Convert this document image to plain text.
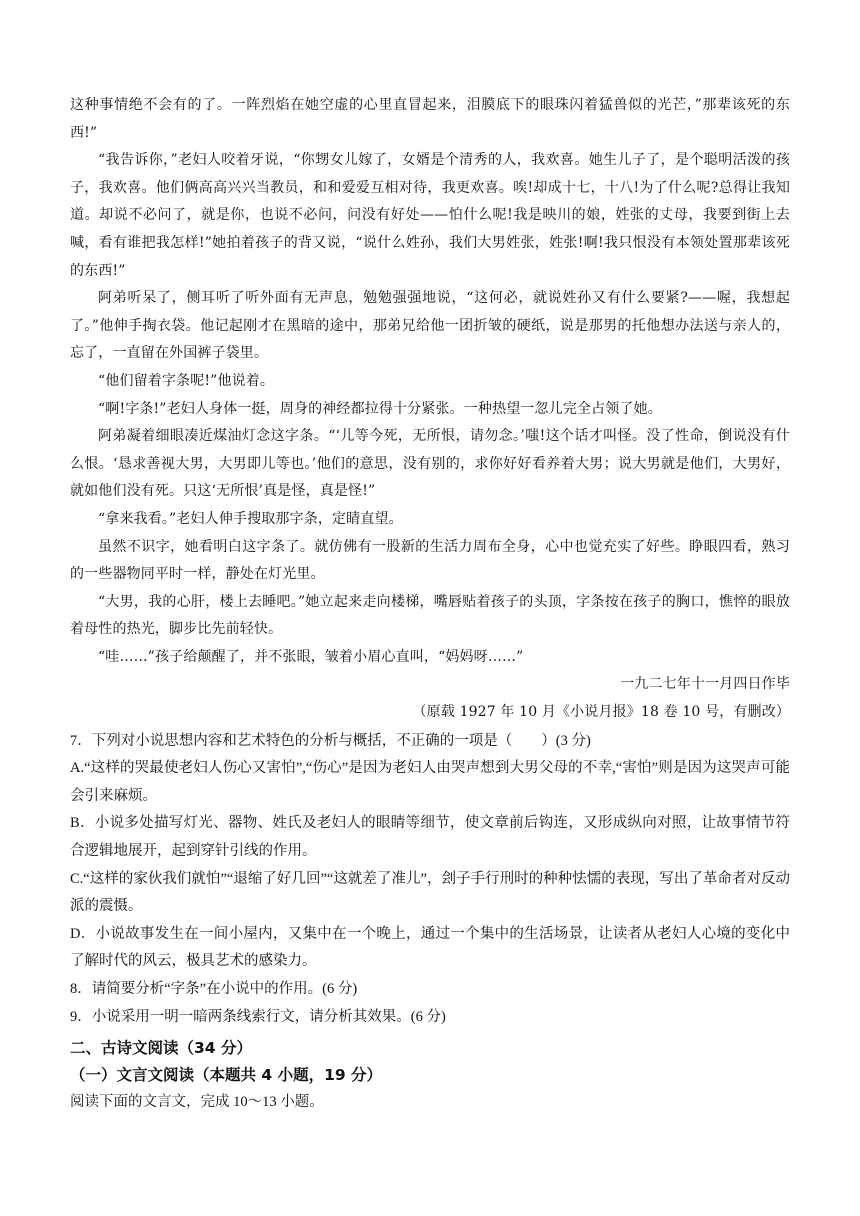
这种事情绝不会有的了。一阵烈焰在她空虚的心里直冒起来，泪膜底下的眼珠闪着猛兽似的光芒，”那辈该死的东西!”

“我告诉你，”老妇人咬着牙说，“你甥女儿嫁了，女婿是个清秀的人，我欢喜。她生儿子了，是个聪明活泼的孩子，我欢喜。他们俩高高兴兴当教员，和和爱爱互相对待，我更欢喜。唉!却成十七，十八!为了什么呢?总得让我知道。却说不必问了，就是你，也说不必问，问没有好处——怕什么呢!我是映川的娘，姓张的丈母，我要到街上去喊，看有谁把我怎样!”她拍着孩子的背又说，“说什么姓孙，我们大男姓张，姓张!啊!我只恨没有本领处置那辈该死的东西!”

阿弟听呆了，侧耳听了听外面有无声息，勉勉强强地说，“这何必，就说姓孙又有什么要紧?——喔，我想起了。”他伸手掏衣袋。他记起刚才在黑暗的途中，那弟兄给他一团折皱的硬纸，说是那男的托他想办法送与亲人的，忘了，一直留在外国裤子袋里。

“他们留着字条呢!”他说着。

“啊!字条!”老妇人身体一挺，周身的神经都拉得十分紧张。一种热望一忽儿完全占领了她。

阿弟凝着细眼凑近煤油灯念这字条。“‘儿等今死，无所恨，请勿念。’嗤!这个话才叫怪。没了性命，倒说没有什么恨。‘恳求善视大男，大男即儿等也。’他们的意思，没有别的，求你好好看养着大男；说大男就是他们，大男好，就如他们没有死。只这‘无所恨’真是怪，真是怪!”

“拿来我看。”老妇人伸手搜取那字条，定睛直望。

虽然不识字，她看明白这字条了。就仿佛有一股新的生活力周布全身，心中也觉充实了好些。睁眼四看，熟习的一些器物同平时一样，静处在灯光里。

“大男，我的心肝，楼上去睡吧。”她立起来走向楼梯，嘴唇贴着孩子的头顶，字条按在孩子的胸口，憔悴的眼放着母性的热光，脚步比先前轻快。

“哇……”孩子给颠醒了，并不张眼，皱着小眉心直叫，“妈妈呀……”

一九二七年十一月四日作毕

（原载 1927 年 10 月《小说月报》18 卷 10 号，有删改）

7．下列对小说思想内容和艺术特色的分析与概括，不正确的一项是（　　）(3 分)

A.“这样的哭最使老妇人伤心又害怕”,“伤心”是因为老妇人由哭声想到大男父母的不幸,“害怕”则是因为这哭声可能会引来麻烦。

B．小说多处描写灯光、器物、姓氏及老妇人的眼睛等细节，使文章前后钩连，又形成纵向对照，让故事情节符合逻辑地展开，起到穿针引线的作用。

C.“这样的家伙我们就怕”“退缩了好几回”“这就差了准儿”，刽子手行刑时的种种怯懦的表现，写出了革命者对反动派的震慑。

D．小说故事发生在一间小屋内，又集中在一个晚上，通过一个集中的生活场景，让读者从老妇人心境的变化中了解时代的风云，极具艺术的感染力。

8．请简要分析“字条”在小说中的作用。(6 分)

9．小说采用一明一暗两条线索行文，请分析其效果。(6 分)

二、古诗文阅读（34 分）

（一）文言文阅读（本题共 4 小题，19 分）

阅读下面的文言文，完成 10～13 小题。
